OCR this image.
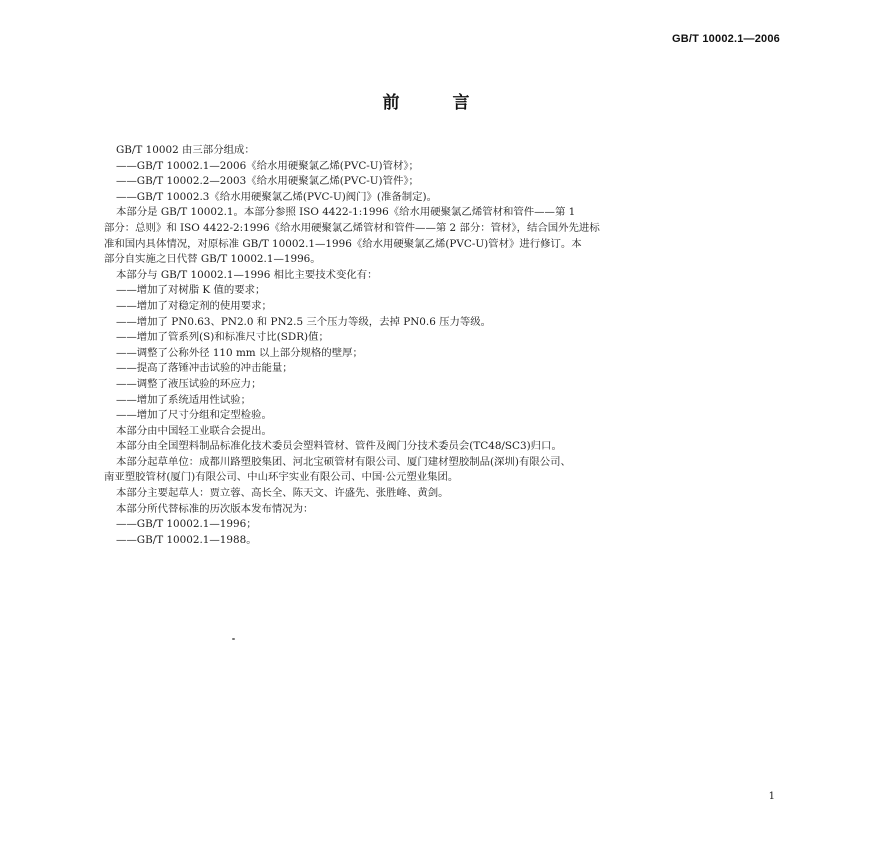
GB/T 10002.1—2006
前　言
GB/T 10002 由三部分组成：
——GB/T 10002.1—2006《给水用硬聚氯乙烯(PVC-U)管材》；
——GB/T 10002.2—2003《给水用硬聚氯乙烯(PVC-U)管件》；
——GB/T 10002.3《给水用硬聚氯乙烯(PVC-U)阀门》(准备制定)。
本部分是 GB/T 10002.1。本部分参照 ISO 4422-1:1996《给水用硬聚氯乙烯管材和管件——第 1
部分：总则》和 ISO 4422-2:1996《给水用硬聚氯乙烯管材和管件——第 2 部分：管材》，结合国外先进标
准和国内具体情况，对原标准 GB/T 10002.1—1996《给水用硬聚氯乙烯(PVC-U)管材》进行修订。本
部分自实施之日代替 GB/T 10002.1—1996。
本部分与 GB/T 10002.1—1996 相比主要技术变化有：
——增加了对树脂 K 值的要求；
——增加了对稳定剂的使用要求；
——增加了 PN0.63、PN2.0 和 PN2.5 三个压力等级，去掉 PN0.6 压力等级。
——增加了管系列(S)和标准尺寸比(SDR)值；
——调整了公称外径 110 mm 以上部分规格的壁厚；
——提高了落锤冲击试验的冲击能量；
——调整了液压试验的环应力；
——增加了系统适用性试验；
——增加了尺寸分组和定型检验。
本部分由中国轻工业联合会提出。
本部分由全国塑料制品标准化技术委员会塑料管材、管件及阀门分技术委员会(TC48/SC3)归口。
本部分起草单位：成都川路塑胶集团、河北宝硕管材有限公司、厦门建材塑胶制品(深圳)有限公司、
南亚塑胶管材(厦门)有限公司、中山环宇实业有限公司、中国·公元塑业集团。
本部分主要起草人：贾立蓉、高长全、陈天文、许盛先、张胜峰、黄剑。
本部分所代替标准的历次版本发布情况为：
——GB/T 10002.1—1996；
——GB/T 10002.1—1988。
1
